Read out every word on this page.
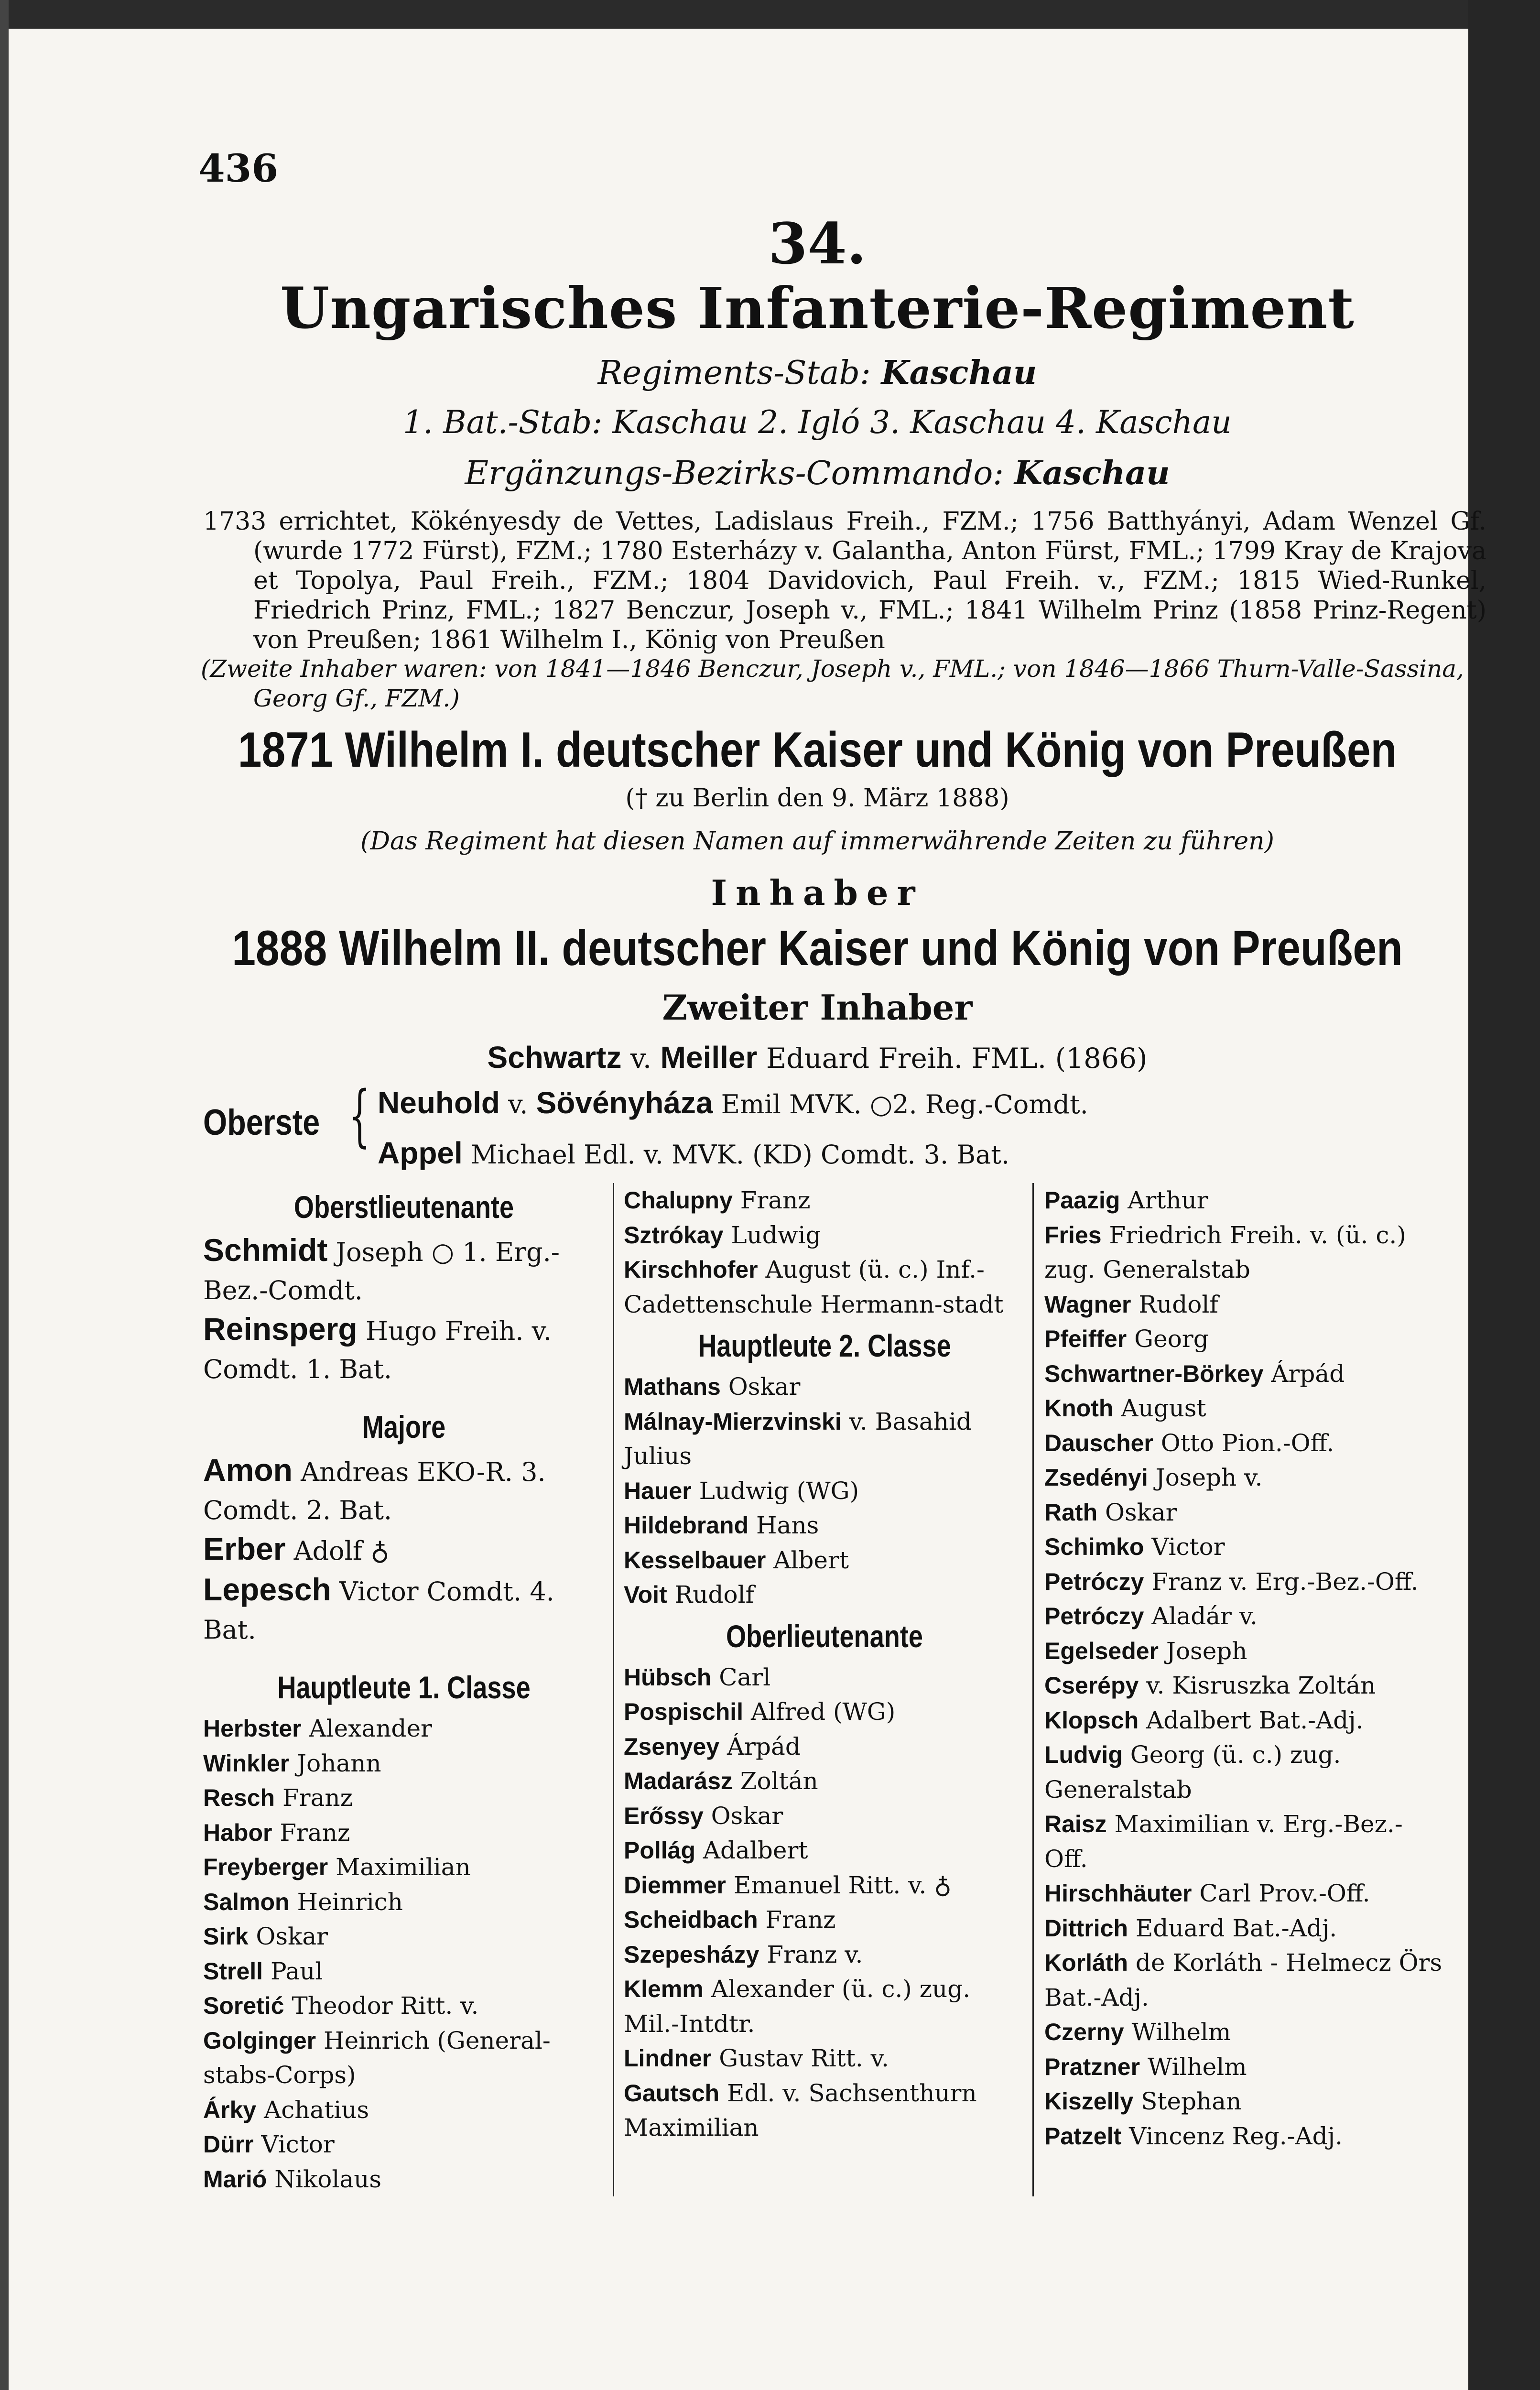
436
34.
Ungarisches Infanterie-Regiment
Regiments-Stab: Kaschau
1. Bat.-Stab: Kaschau 2. Igló 3. Kaschau 4. Kaschau
Ergänzungs-Bezirks-Commando: Kaschau
1733 errichtet, Kökényesdy de Vettes, Ladislaus Freih., FZM.; 1756 Batthyányi, Adam Wenzel Gf. (wurde 1772 Fürst), FZM.; 1780 Esterházy v. Galantha, Anton Fürst, FML.; 1799 Kray de Krajova et Topolya, Paul Freih., FZM.; 1804 Davidovich, Paul Freih. v., FZM.; 1815 Wied-Runkel, Friedrich Prinz, FML.; 1827 Benczur, Joseph v., FML.; 1841 Wilhelm Prinz (1858 Prinz-Regent) von Preußen; 1861 Wilhelm I., König von Preußen
(Zweite Inhaber waren: von 1841—1846 Benczur, Joseph v., FML.; von 1846—1866 Thurn-Valle-Sassina, Georg Gf., FZM.)
1871 Wilhelm I. deutscher Kaiser und König von Preußen
(† zu Berlin den 9. März 1888)
(Das Regiment hat diesen Namen auf immerwährende Zeiten zu führen)
Inhaber
1888 Wilhelm II. deutscher Kaiser und König von Preußen
Zweiter Inhaber
Schwartz v. Meiller Eduard Freih. FML. (1866)
Oberste { Neuhold v. Sövényháza Emil MVK. ○2. Reg.-Comdt.
Appel Michael Edl. v. MVK. (KD) Comdt. 3. Bat.
Oberstlieutenante
Schmidt Joseph ○ 1. Erg.-Bez.-Comdt.
Reinsperg Hugo Freih. v. Comdt. 1. Bat.
Majore
Amon Andreas EKO-R. 3. Comdt. 2. Bat.
Erber Adolf ♁
Lepesch Victor Comdt. 4. Bat.
Hauptleute 1. Classe
Herbster Alexander
Winkler Johann
Resch Franz
Habor Franz
Freyberger Maximilian
Salmon Heinrich
Sirk Oskar
Strell Paul
Soretić Theodor Ritt. v.
Golginger Heinrich (General-stabs-Corps)
Árky Achatius
Dürr Victor
Marió Nikolaus
Chalupny Franz
Sztrókay Ludwig
Kirschhofer August (ü. c.) Inf.-Cadettenschule Hermann-stadt
Hauptleute 2. Classe
Mathans Oskar
Málnay-Mierzvinski v. Basahid Julius
Hauer Ludwig (WG)
Hildebrand Hans
Kesselbauer Albert
Voit Rudolf
Oberlieutenante
Hübsch Carl
Pospischil Alfred (WG)
Zsenyey Árpád
Madarász Zoltán
Erőssy Oskar
Pollág Adalbert
Diemmer Emanuel Ritt. v. ♁
Scheidbach Franz
Szepesházy Franz v.
Klemm Alexander (ü. c.) zug. Mil.-Intdtr.
Lindner Gustav Ritt. v.
Gautsch Edl. v. Sachsenthurn Maximilian
Paazig Arthur
Fries Friedrich Freih. v. (ü. c.) zug. Generalstab
Wagner Rudolf
Pfeiffer Georg
Schwartner-Börkey Árpád
Knoth August
Dauscher Otto Pion.-Off.
Zsedényi Joseph v.
Rath Oskar
Schimko Victor
Petróczy Franz v. Erg.-Bez.-Off.
Petróczy Aladár v.
Egelseder Joseph
Cserépy v. Kisruszka Zoltán
Klopsch Adalbert Bat.-Adj.
Ludvig Georg (ü. c.) zug. Generalstab
Raisz Maximilian v. Erg.-Bez.-Off.
Hirschhäuter Carl Prov.-Off.
Dittrich Eduard Bat.-Adj.
Korláth de Korláth - Helmecz Örs Bat.-Adj.
Czerny Wilhelm
Pratzner Wilhelm
Kiszelly Stephan
Patzelt Vincenz Reg.-Adj.
